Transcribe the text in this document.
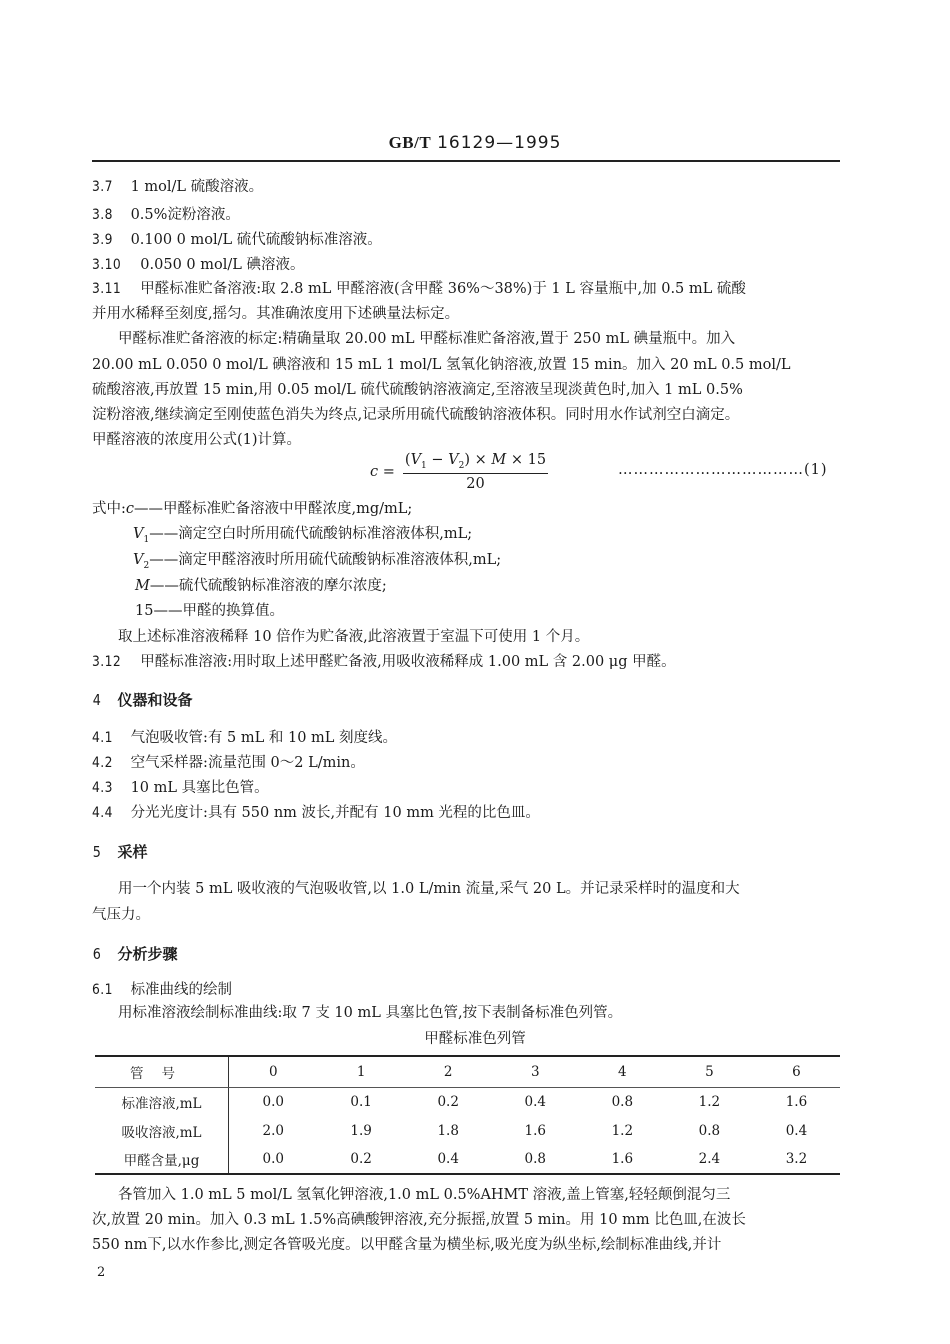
GB/T 16129—1995
3.7 1 mol/L 硫酸溶液。
3.8 0.5%淀粉溶液。
3.9 0.100 0 mol/L 硫代硫酸钠标准溶液。
3.10 0.050 0 mol/L 碘溶液。
3.11 甲醛标准贮备溶液:取 2.8 mL 甲醛溶液(含甲醛 36%～38%)于 1 L 容量瓶中,加 0.5 mL 硫酸
并用水稀释至刻度,摇匀。其准确浓度用下述碘量法标定。
甲醛标准贮备溶液的标定:精确量取 20.00 mL 甲醛标准贮备溶液,置于 250 mL 碘量瓶中。加入
20.00 mL 0.050 0 mol/L 碘溶液和 15 mL 1 mol/L 氢氧化钠溶液,放置 15 min。加入 20 mL 0.5 mol/L
硫酸溶液,再放置 15 min,用 0.05 mol/L 硫代硫酸钠溶液滴定,至溶液呈现淡黄色时,加入 1 mL 0.5%
淀粉溶液,继续滴定至刚使蓝色消失为终点,记录所用硫代硫酸钠溶液体积。同时用水作试剂空白滴定。
甲醛溶液的浓度用公式(1)计算。
$c = \frac{(V_1 - V_2) \times M \times 15}{20}$	………………………………(1)
式中:c——甲醛标准贮备溶液中甲醛浓度,mg/mL;
$V_1——$滴定空白时所用硫代硫酸钠标准溶液体积,mL;
$V_2——$滴定甲醛溶液时所用硫代硫酸钠标准溶液体积,mL;
M——硫代硫酸钠标准溶液的摩尔浓度;
15——甲醛的换算值。
取上述标准溶液稀释 10 倍作为贮备液,此溶液置于室温下可使用 1 个月。
3.12 甲醛标准溶液:用时取上述甲醛贮备液,用吸收液稀释成 1.00 mL 含 2.00 μg 甲醛。
4 仪器和设备
4.1 气泡吸收管:有 5 mL 和 10 mL 刻度线。
4.2 空气采样器:流量范围 0～2 L/min。
4.3 10 mL 具塞比色管。
4.4 分光光度计:具有 550 nm 波长,并配有 10 mm 光程的比色皿。
5 采样
用一个内装 5 mL 吸收液的气泡吸收管,以 1.0 L/min 流量,采气 20 L。并记录采样时的温度和大
气压力。
6 分析步骤
6.1 标准曲线的绘制
用标准溶液绘制标准曲线:取 7 支 10 mL 具塞比色管,按下表制备标准色列管。
甲醛标准色列管
管号	0	1	2	3	4	5	6
标准溶液,mL	0.0	0.1	0.2	0.4	0.8	1.2	1.6
吸收溶液,mL	2.0	1.9	1.8	1.6	1.2	0.8	0.4
甲醛含量,μg	0.0	0.2	0.4	0.8	1.6	2.4	3.2
各管加入 1.0 mL 5 mol/L 氢氧化钾溶液,1.0 mL 0.5%AHMT 溶液,盖上管塞,轻轻颠倒混匀三
次,放置 20 min。加入 0.3 mL 1.5%高碘酸钾溶液,充分振摇,放置 5 min。用 10 mm 比色皿,在波长
550 nm下,以水作参比,测定各管吸光度。以甲醛含量为横坐标,吸光度为纵坐标,绘制标准曲线,并计
2
